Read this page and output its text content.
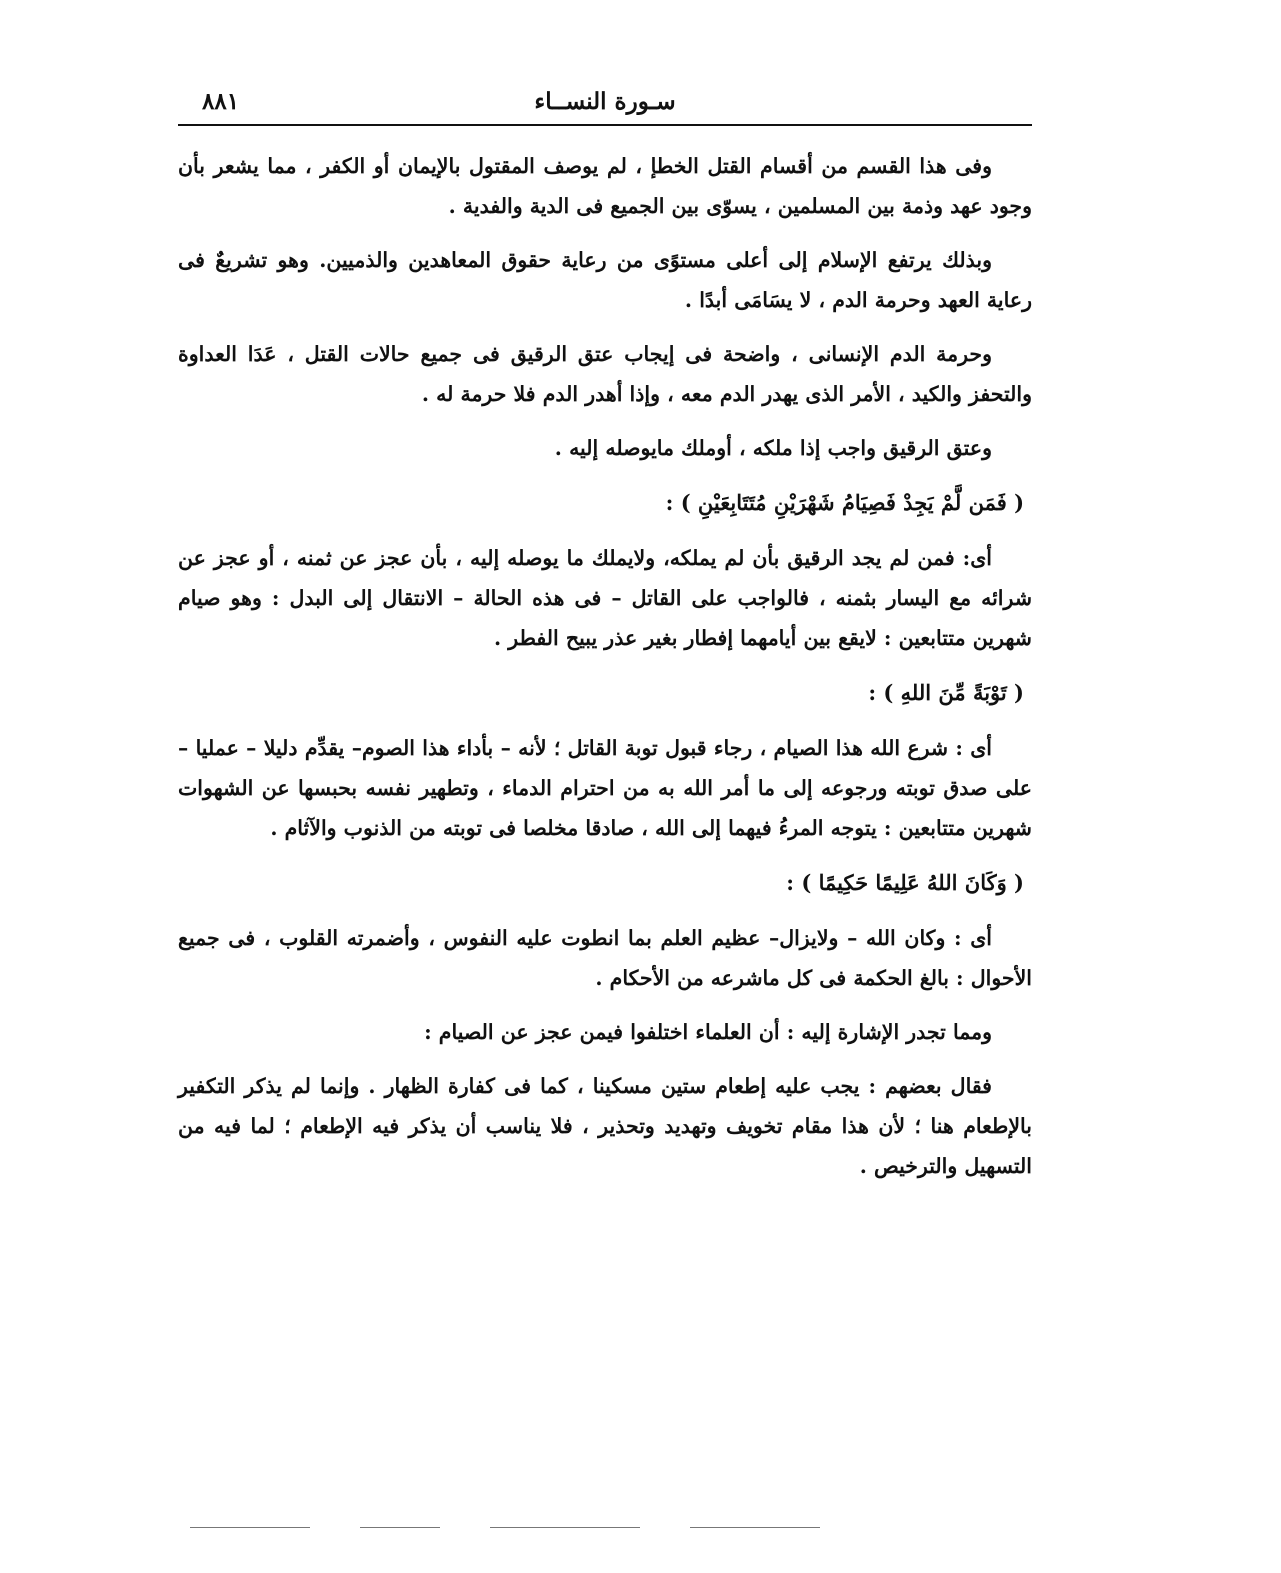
سـورة النســاء
٨٨١

وفى هذا القسم من أقسام القتل الخطإ ، لم يوصف المقتول بالإيمان أو الكفر ، مما يشعر بأن وجود عهد وذمة بين المسلمين ، يسوّى بين الجميع فى الدية والفدية .

وبذلك يرتفع الإسلام إلى أعلى مستوًى من رعاية حقوق المعاهدين والذميين. وهو تشريعٌ فى رعاية العهد وحرمة الدم ، لا يسَامَى أبدًا .

وحرمة الدم الإنسانى ، واضحة فى إيجاب عتق الرقيق فى جميع حالات القتل ، عَدَا العداوة والتحفز والكيد ، الأمر الذى يهدر الدم معه ، وإذا أهدر الدم فلا حرمة له .

وعتق الرقيق واجب إذا ملكه ، أوملك مايوصله إليه .

( فَمَن لَّمْ يَجِدْ فَصِيَامُ شَهْرَيْنِ مُتَتَابِعَيْنِ ) :

أى: فمن لم يجد الرقيق بأن لم يملكه، ولايملك ما يوصله إليه ، بأن عجز عن ثمنه ، أو عجز عن شرائه مع اليسار بثمنه ، فالواجب على القاتل – فى هذه الحالة – الانتقال إلى البدل : وهو صيام شهرين متتابعين : لايقع بين أيامهما إفطار بغير عذر يبيح الفطر .

( تَوْبَةً مِّنَ اللهِ ) :

أى : شرع الله هذا الصيام ، رجاء قبول توبة القاتل ؛ لأنه – بأداء هذا الصوم– يقدِّم دليلا – عمليا – على صدق توبته ورجوعه إلى ما أمر الله به من احترام الدماء ، وتطهير نفسه بحبسها عن الشهوات شهرين متتابعين : يتوجه المرءُ فيهما إلى الله ، صادقا مخلصا فى توبته من الذنوب والآثام .

( وَكَانَ اللهُ عَلِيمًا حَكِيمًا ) :

أى : وكان الله – ولايزال– عظيم العلم بما انطوت عليه النفوس ، وأضمرته القلوب ، فى جميع الأحوال : بالغ الحكمة فى كل ماشرعه من الأحكام .

ومما تجدر الإشارة إليه : أن العلماء اختلفوا فيمن عجز عن الصيام :

فقال بعضهم : يجب عليه إطعام ستين مسكينا ، كما فى كفارة الظهار . وإنما لم يذكر التكفير بالإطعام هنا ؛ لأن هذا مقام تخويف وتهديد وتحذير ، فلا يناسب أن يذكر فيه الإطعام ؛ لما فيه من التسهيل والترخيص .
